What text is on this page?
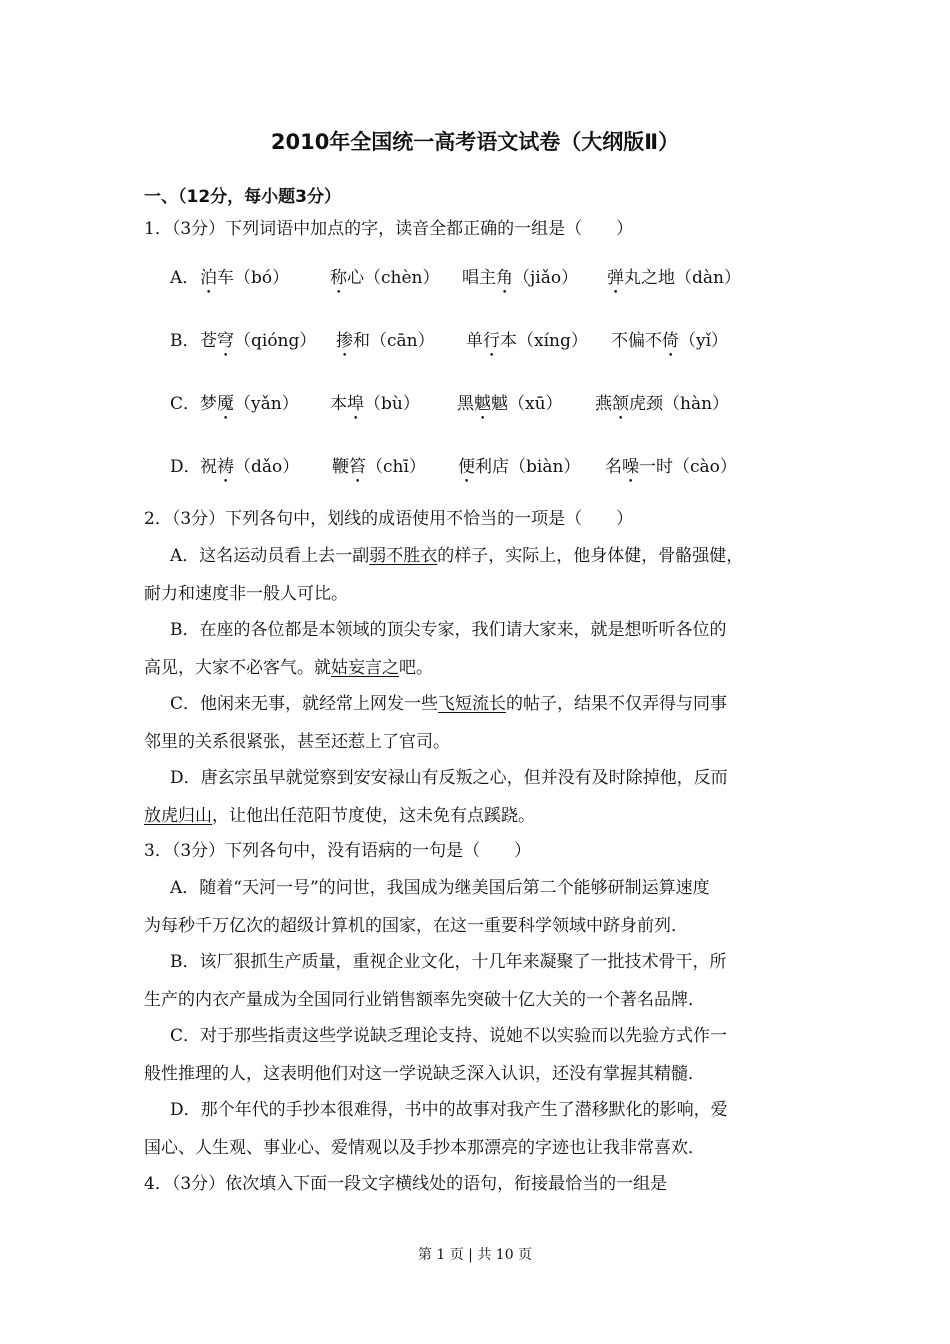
2010年全国统一高考语文试卷（大纲版Ⅱ）
一、（12分，每小题3分）
1．（3分）下列词语中加点的字，读音全都正确的一组是（　　）
A． 泊车（bó） 称心（chèn） 唱主角（jiǎo） 弹丸之地（dàn）
B． 苍穹（qióng） 掺和（cān） 单行本（xíng） 不偏不倚（yǐ）
C． 梦魇（yǎn） 本埠（bù） 黑魆魆（xū） 燕颔虎颈（hàn）
D． 祝祷（dǎo） 鞭笞（chī） 便利店（biàn） 名噪一时（cào）
2．（3分）下列各句中，划线的成语使用不恰当的一项是（　　）
A．这名运动员看上去一副弱不胜衣的样子，实际上，他身体健，骨骼强健，
耐力和速度非一般人可比。
B．在座的各位都是本领域的顶尖专家，我们请大家来，就是想听听各位的
高见，大家不必客气。就姑妄言之吧。
C．他闲来无事，就经常上网发一些飞短流长的帖子，结果不仅弄得与同事
邻里的关系很紧张，甚至还惹上了官司。
D．唐玄宗虽早就觉察到安安禄山有反叛之心，但并没有及时除掉他，反而
放虎归山，让他出任范阳节度使，这未免有点蹊跷。
3．（3分）下列各句中，没有语病的一句是（　　）
A．随着“天河一号”的问世，我国成为继美国后第二个能够研制运算速度
为每秒千万亿次的超级计算机的国家，在这一重要科学领域中跻身前列．
B．该厂狠抓生产质量，重视企业文化，十几年来凝聚了一批技术骨干，所
生产的内衣产量成为全国同行业销售额率先突破十亿大关的一个著名品牌．
C．对于那些指责这些学说缺乏理论支持、说她不以实验而以先验方式作一
般性推理的人，这表明他们对这一学说缺乏深入认识，还没有掌握其精髓．
D．那个年代的手抄本很难得，书中的故事对我产生了潜移默化的影响，爱
国心、人生观、事业心、爱情观以及手抄本那漂亮的字迹也让我非常喜欢．
4．（3分）依次填入下面一段文字横线处的语句，衔接最恰当的一组是
第 1 页 | 共 10 页
